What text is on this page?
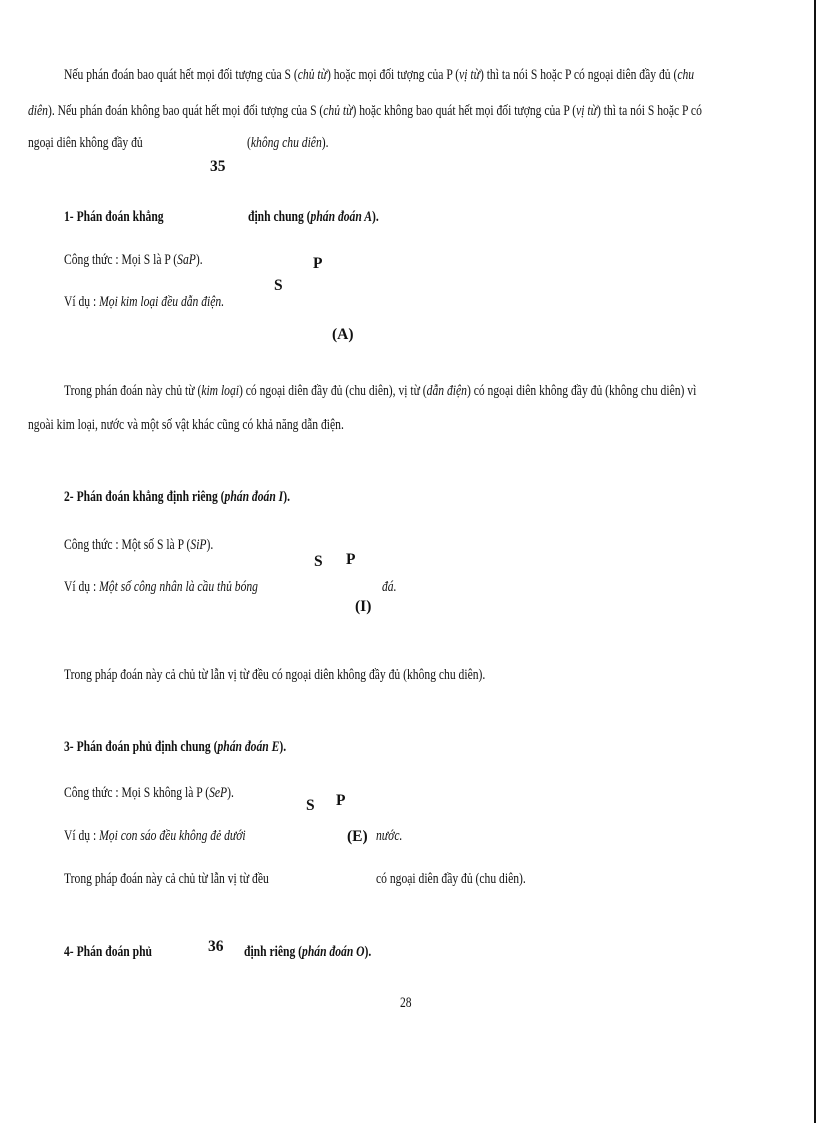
Nếu phán đoán bao quát hết mọi đối tượng của S (chủ từ) hoặc mọi đối tượng của P (vị từ) thì ta nói S hoặc P có ngoại diên đầy đủ (chu
diên). Nếu phán đoán không bao quát hết mọi đối tượng của S (chủ từ) hoặc không bao quát hết mọi đối tượng của P (vị từ) thì ta nói S hoặc P có
ngoại diên không đầy đủ	(không chu diên).
35
1- Phán đoán khẳng	định chung (phán đoán A).
Công thức : Mọi S là P (SaP).
Ví dụ : Mọi kim loại đều dẫn điện.
P
S
(A)
Trong phán đoán này chủ từ (kim loại) có ngoại diên đầy đủ (chu diên), vị từ (dẫn điện) có ngoại diên không đầy đủ (không chu diên) vì
ngoài kim loại, nước và một số vật khác cũng có khả năng dẫn điện.
2- Phán đoán khẳng định riêng (phán đoán I).
Công thức : Một số S là P (SiP).
Ví dụ : Một số công nhân là cầu thủ bóng	đá.
S P
(I)
Trong pháp đoán này cả chủ từ lẫn vị từ đều có ngoại diên không đầy đủ (không chu diên).
3- Phán đoán phủ định chung (phán đoán E).
Công thức : Mọi S không là P (SeP).
Ví dụ : Mọi con sáo đều không đẻ dưới	nước.
S P
(E)
Trong pháp đoán này cả chủ từ lẫn vị từ đều	có ngoại diên đầy đủ (chu diên).
4- Phán đoán phủ	36 định riêng (phán đoán O).
28
